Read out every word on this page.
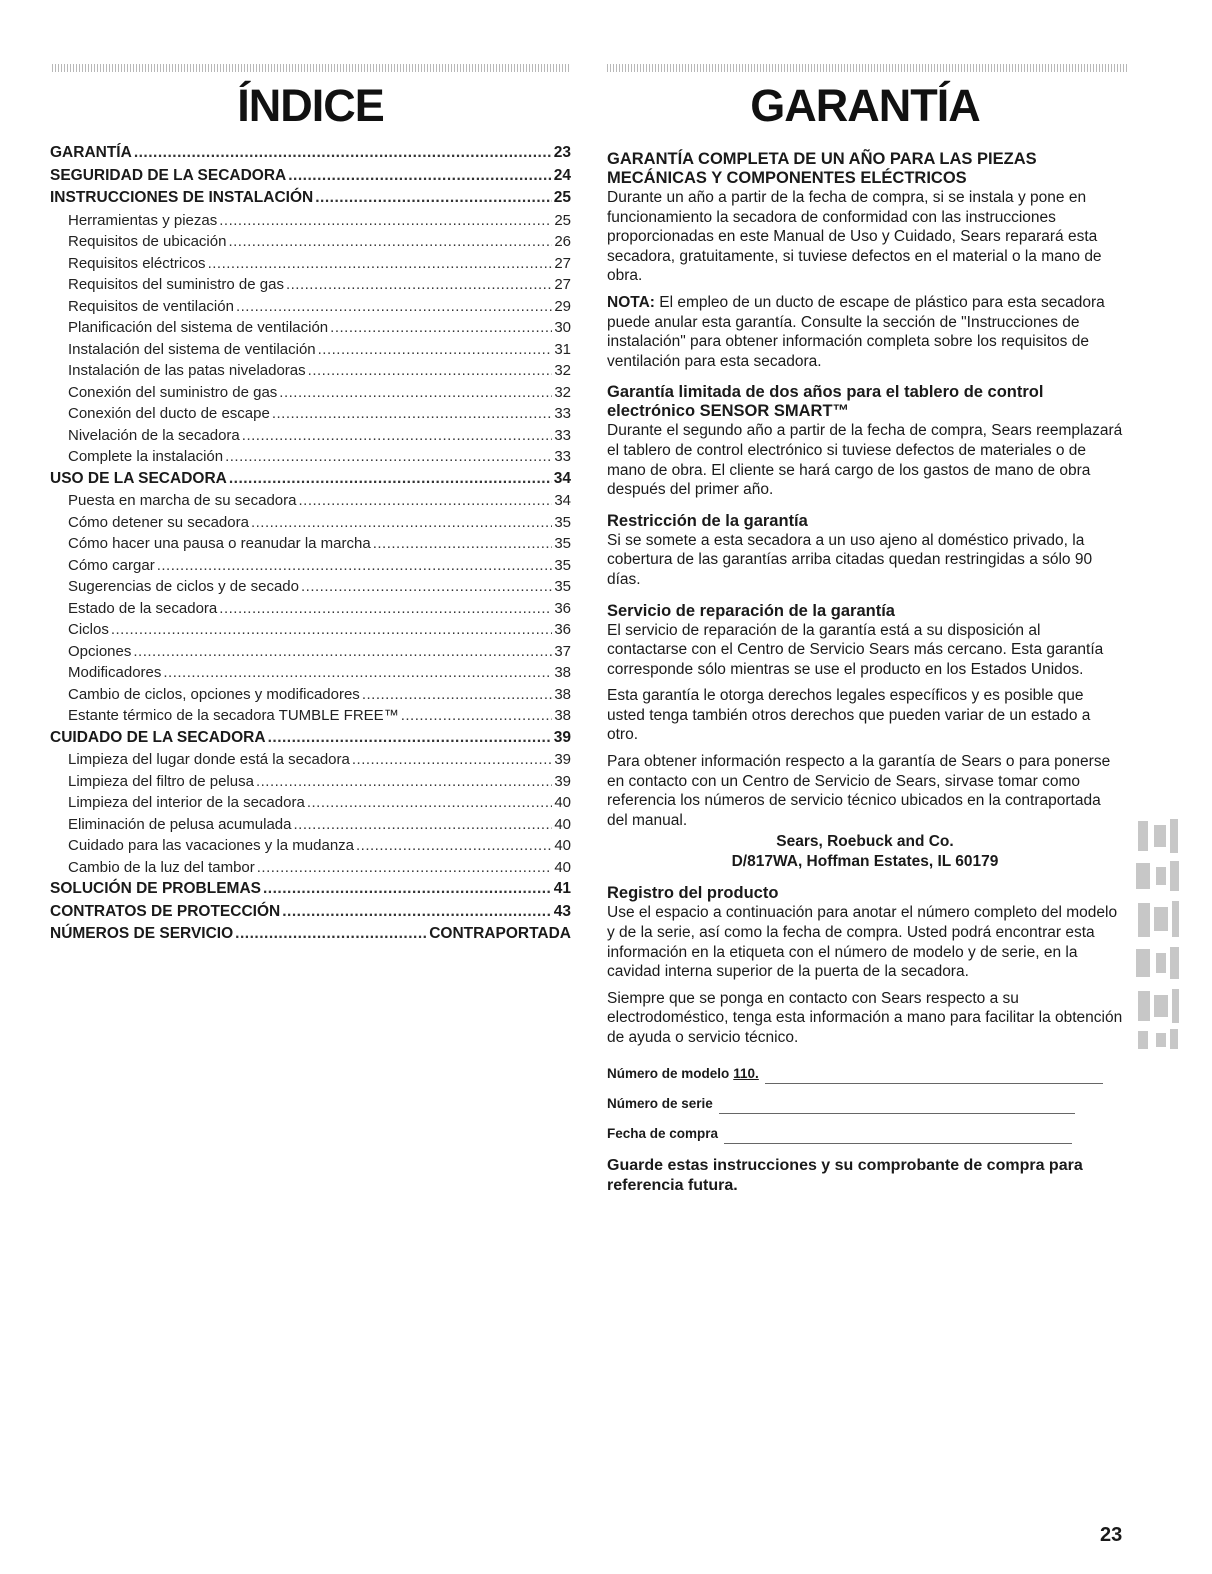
ÍNDICE	GARANTÍA
GARANTÍA .....	23
SEGURIDAD DE LA SECADORA .....	24
INSTRUCCIONES DE INSTALACIÓN .....	25
Herramientas y piezas .....	25
Requisitos de ubicación .....	26
Requisitos eléctricos .....	27
Requisitos del suministro de gas .....	27
Requisitos de ventilación .....	29
Planificación del sistema de ventilación .....	30
Instalación del sistema de ventilación .....	31
Instalación de las patas niveladoras .....	32
Conexión del suministro de gas .....	32
Conexión del ducto de escape .....	33
Nivelación de la secadora .....	33
Complete la instalación .....	33
USO DE LA SECADORA .....	34
Puesta en marcha de su secadora .....	34
Cómo detener su secadora .....	35
Cómo hacer una pausa o reanudar la marcha .....	35
Cómo cargar .....	35
Sugerencias de ciclos y de secado .....	35
Estado de la secadora .....	36
Ciclos .....	36
Opciones .....	37
Modificadores .....	38
Cambio de ciclos, opciones y modificadores .....	38
Estante térmico de la secadora TUMBLE FREE™ .....	38
CUIDADO DE LA SECADORA .....	39
Limpieza del lugar donde está la secadora .....	39
Limpieza del filtro de pelusa .....	39
Limpieza del interior de la secadora .....	40
Eliminación de pelusa acumulada .....	40
Cuidado para las vacaciones y la mudanza .....	40
Cambio de la luz del tambor .....	40
SOLUCIÓN DE PROBLEMAS .....	41
CONTRATOS DE PROTECCIÓN .....	43
NÚMEROS DE SERVICIO .....	CONTRAPORTADA
GARANTÍA COMPLETA DE UN AÑO PARA LAS PIEZAS MECÁNICAS Y COMPONENTES ELÉCTRICOS

Durante un año a partir de la fecha de compra, si se instala y pone en funcionamiento la secadora de conformidad con las instrucciones proporcionadas en este Manual de Uso y Cuidado, Sears reparará esta secadora, gratuitamente, si tuviese defectos en el material o la mano de obra.

NOTA: El empleo de un ducto de escape de plástico para esta secadora puede anular esta garantía. Consulte la sección de "Instrucciones de instalación" para obtener información completa sobre los requisitos de ventilación para esta secadora.

Garantía limitada de dos años para el tablero de control electrónico SENSOR SMART™

Durante el segundo año a partir de la fecha de compra, Sears reemplazará el tablero de control electrónico si tuviese defectos de materiales o de mano de obra. El cliente se hará cargo de los gastos de mano de obra después del primer año.

Restricción de la garantía

Si se somete a esta secadora a un uso ajeno al doméstico privado, la cobertura de las garantías arriba citadas quedan restringidas a sólo 90 días.

Servicio de reparación de la garantía

El servicio de reparación de la garantía está a su disposición al contactarse con el Centro de Servicio Sears más cercano. Esta garantía corresponde sólo mientras se use el producto en los Estados Unidos.

Esta garantía le otorga derechos legales específicos y es posible que usted tenga también otros derechos que pueden variar de un estado a otro.

Para obtener información respecto a la garantía de Sears o para ponerse en contacto con un Centro de Servicio de Sears, sirvase tomar como referencia los números de servicio técnico ubicados en la contraportada del manual.

Sears, Roebuck and Co.
D/817WA, Hoffman Estates, IL 60179
Registro del producto

Use el espacio a continuación para anotar el número completo del modelo y de la serie, así como la fecha de compra. Usted podrá encontrar esta información en la etiqueta con el número de modelo y de serie, en la cavidad interna superior de la puerta de la secadora.

Siempre que se ponga en contacto con Sears respecto a su electrodoméstico, tenga esta información a mano para facilitar la obtención de ayuda o servicio técnico.

Número de modelo 110.
Número de serie
Fecha de compra
Guarde estas instrucciones y su comprobante de compra para referencia futura.
23
